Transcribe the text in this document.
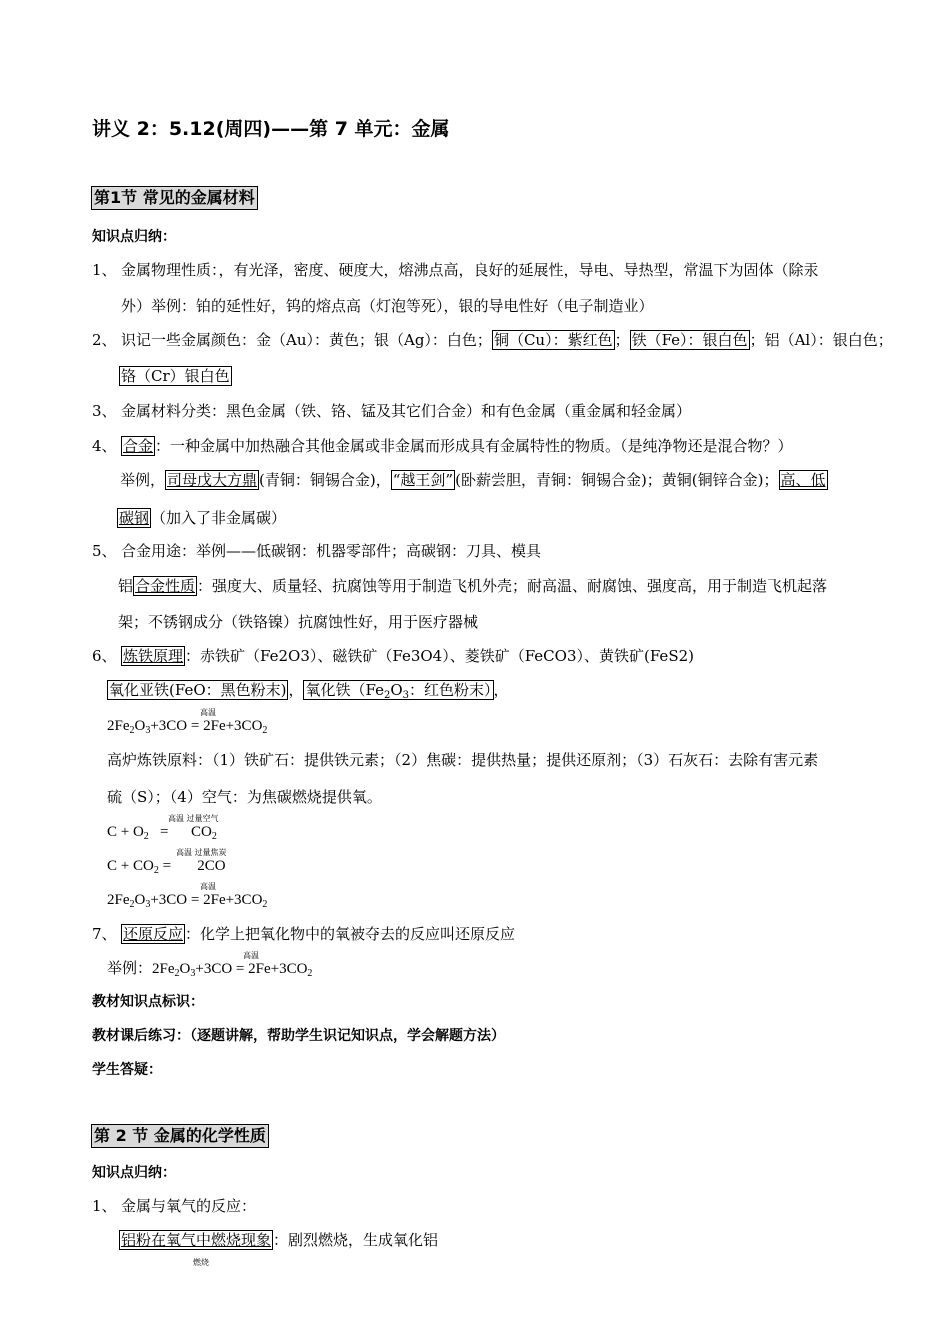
讲义 2：5.12(周四)——第 7 单元：金属
第1节 常见的金属材料
知识点归纳：
1、 金属物理性质：，有光泽，密度、硬度大，熔沸点高，良好的延展性，导电、导热型，常温下为固体（除汞
外）举例：铂的延性好，钨的熔点高（灯泡等死），银的导电性好（电子制造业）
2、 识记一些金属颜色：金（Au）：黄色；银（Ag）：白色； 铜（Cu）：紫红色 ； 铁（Fe）：银白色 ；铝（Al）：银白色；
铬（Cr）银白色
3、 金属材料分类：黑色金属（铁、铬、锰及其它们合金）和有色金属（重金属和轻金属）
4、 合金 ：一种金属中加热融合其他金属或非金属而形成具有金属特性的物质。（是纯净物还是混合物？）
举例， 司母戊大方鼎 (青铜：铜锡合金)， “越王剑” (卧薪尝胆，青铜：铜锡合金)；黄铜(铜锌合金)； 高、低
碳钢 （加入了非金属碳）
5、 合金用途：举例——低碳钢：机器零部件；高碳钢：刀具、模具
铝 合金性质 ：强度大、质量轻、抗腐蚀等用于制造飞机外壳；耐高温、耐腐蚀、强度高，用于制造飞机起落
架；不锈钢成分（铁铬镍）抗腐蚀性好，用于医疗器械
6、 炼铁原理 ：赤铁矿（Fe2O3）、磁铁矿（Fe3O4）、菱铁矿（FeCO3）、黄铁矿(FeS2)
氧化亚铁(FeO：黑色粉末) ， 氧化铁（$Fe_2O_3$：红色粉末） ，
高温
$2Fe_2O_3+3CO = 2Fe+3CO_2$
高炉炼铁原料：（1）铁矿石：提供铁元素；（2）焦碳：提供热量；提供还原剂；（3）石灰石：去除有害元素
硫（S）；（4）空气：为焦碳燃烧提供氧。
高温 过量空气
$C + O_2$   =      $CO_2$
高温 过量焦炭
$C + CO_2$ =       2CO
高温
$2Fe_2O_3+3CO = 2Fe+3CO_2$
7、 还原反应 ：化学上把氧化物中的氧被夺去的反应叫还原反应
高温
举例：$2Fe_2O_3+3CO = 2Fe+3CO_2$
教材知识点标识：
教材课后练习：（逐题讲解，帮助学生识记知识点，学会解题方法）
学生答疑：
第 2 节 金属的化学性质
知识点归纳：
1、 金属与氧气的反应：
铝粉在氧气中燃烧现象 ：剧烈燃烧，生成氧化铝
燃烧
